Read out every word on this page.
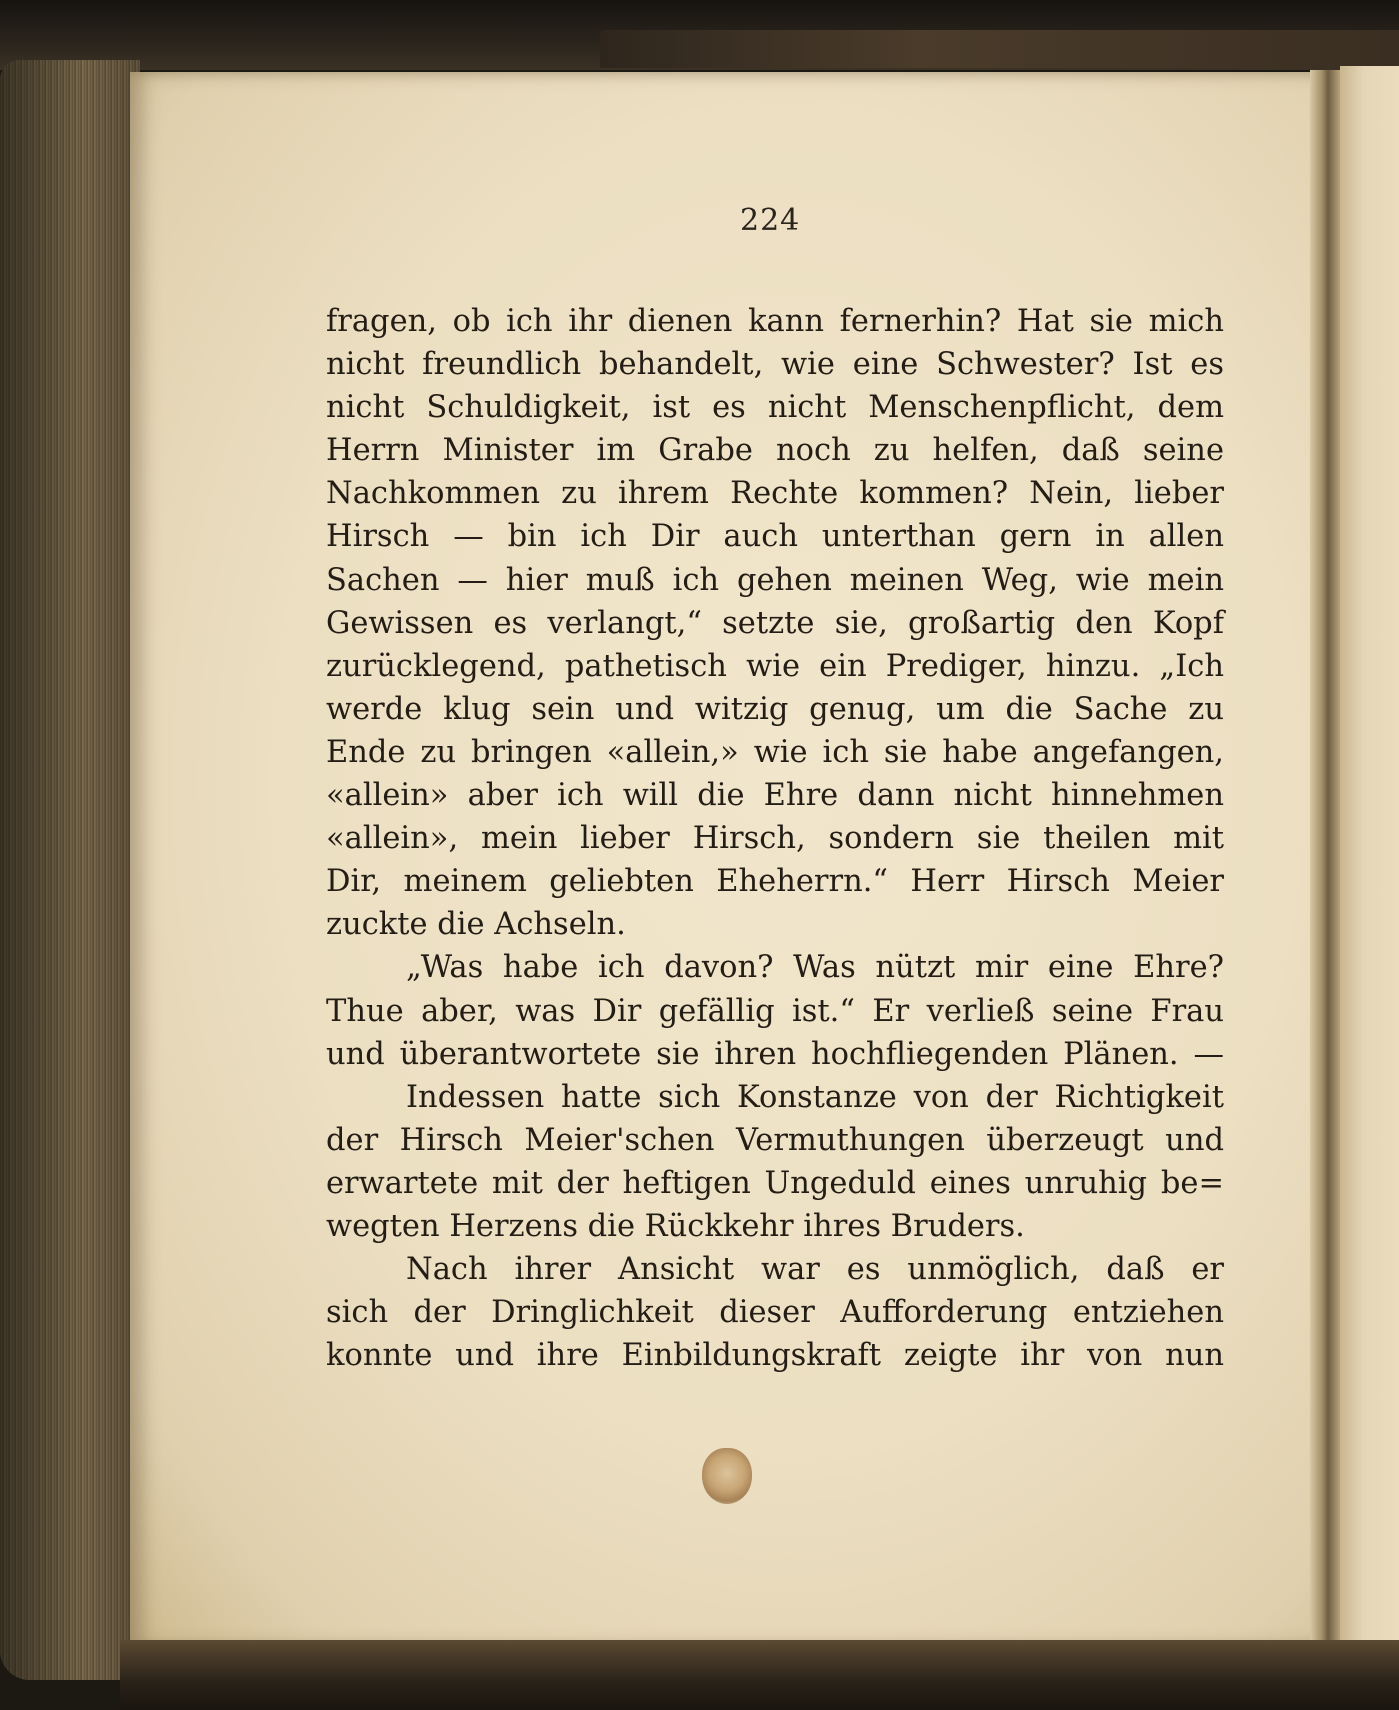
224
fragen, ob ich ihr dienen kann fernerhin? Hat sie mich
nicht freundlich behandelt, wie eine Schwester? Ist es
nicht Schuldigkeit, ist es nicht Menschenpflicht, dem
Herrn Minister im Grabe noch zu helfen, daß seine
Nachkommen zu ihrem Rechte kommen? Nein, lieber
Hirsch — bin ich Dir auch unterthan gern in allen
Sachen — hier muß ich gehen meinen Weg, wie mein
Gewissen es verlangt,“ setzte sie, großartig den Kopf
zurücklegend, pathetisch wie ein Prediger, hinzu. „Ich
werde klug sein und witzig genug, um die Sache zu
Ende zu bringen «allein,» wie ich sie habe angefangen,
«allein» aber ich will die Ehre dann nicht hinnehmen
«allein», mein lieber Hirsch, sondern sie theilen mit
Dir, meinem geliebten Eheherrn.“ Herr Hirsch Meier
zuckte die Achseln.
„Was habe ich davon? Was nützt mir eine Ehre?
Thue aber, was Dir gefällig ist.“ Er verließ seine Frau
und überantwortete sie ihren hochfliegenden Plänen. —
Indessen hatte sich Konstanze von der Richtigkeit
der Hirsch Meier'schen Vermuthungen überzeugt und
erwartete mit der heftigen Ungeduld eines unruhig be=
wegten Herzens die Rückkehr ihres Bruders.
Nach ihrer Ansicht war es unmöglich, daß er
sich der Dringlichkeit dieser Aufforderung entziehen
konnte und ihre Einbildungskraft zeigte ihr von nun
